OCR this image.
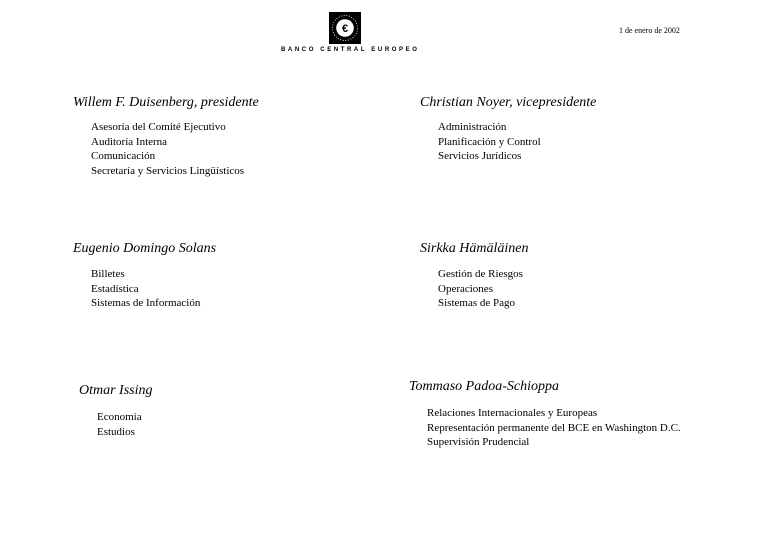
1 de enero de 2002
€
BANCO CENTRAL EUROPEO
Willem F. Duisenberg, presidente
Asesoría del Comité Ejecutivo
Auditoría Interna
Comunicación
Secretaría y Servicios Lingüísticos
Christian Noyer, vicepresidente
Administración
Planificación y Control
Servicios Jurídicos
Eugenio Domingo Solans
Billetes
Estadística
Sistemas de Información
Sirkka Hämäläinen
Gestión de Riesgos
Operaciones
Sistemas de Pago
Otmar Issing
Economía
Estudios
Tommaso Padoa-Schioppa
Relaciones Internacionales y Europeas
Representación permanente del BCE en Washington D.C.
Supervisión Prudencial
